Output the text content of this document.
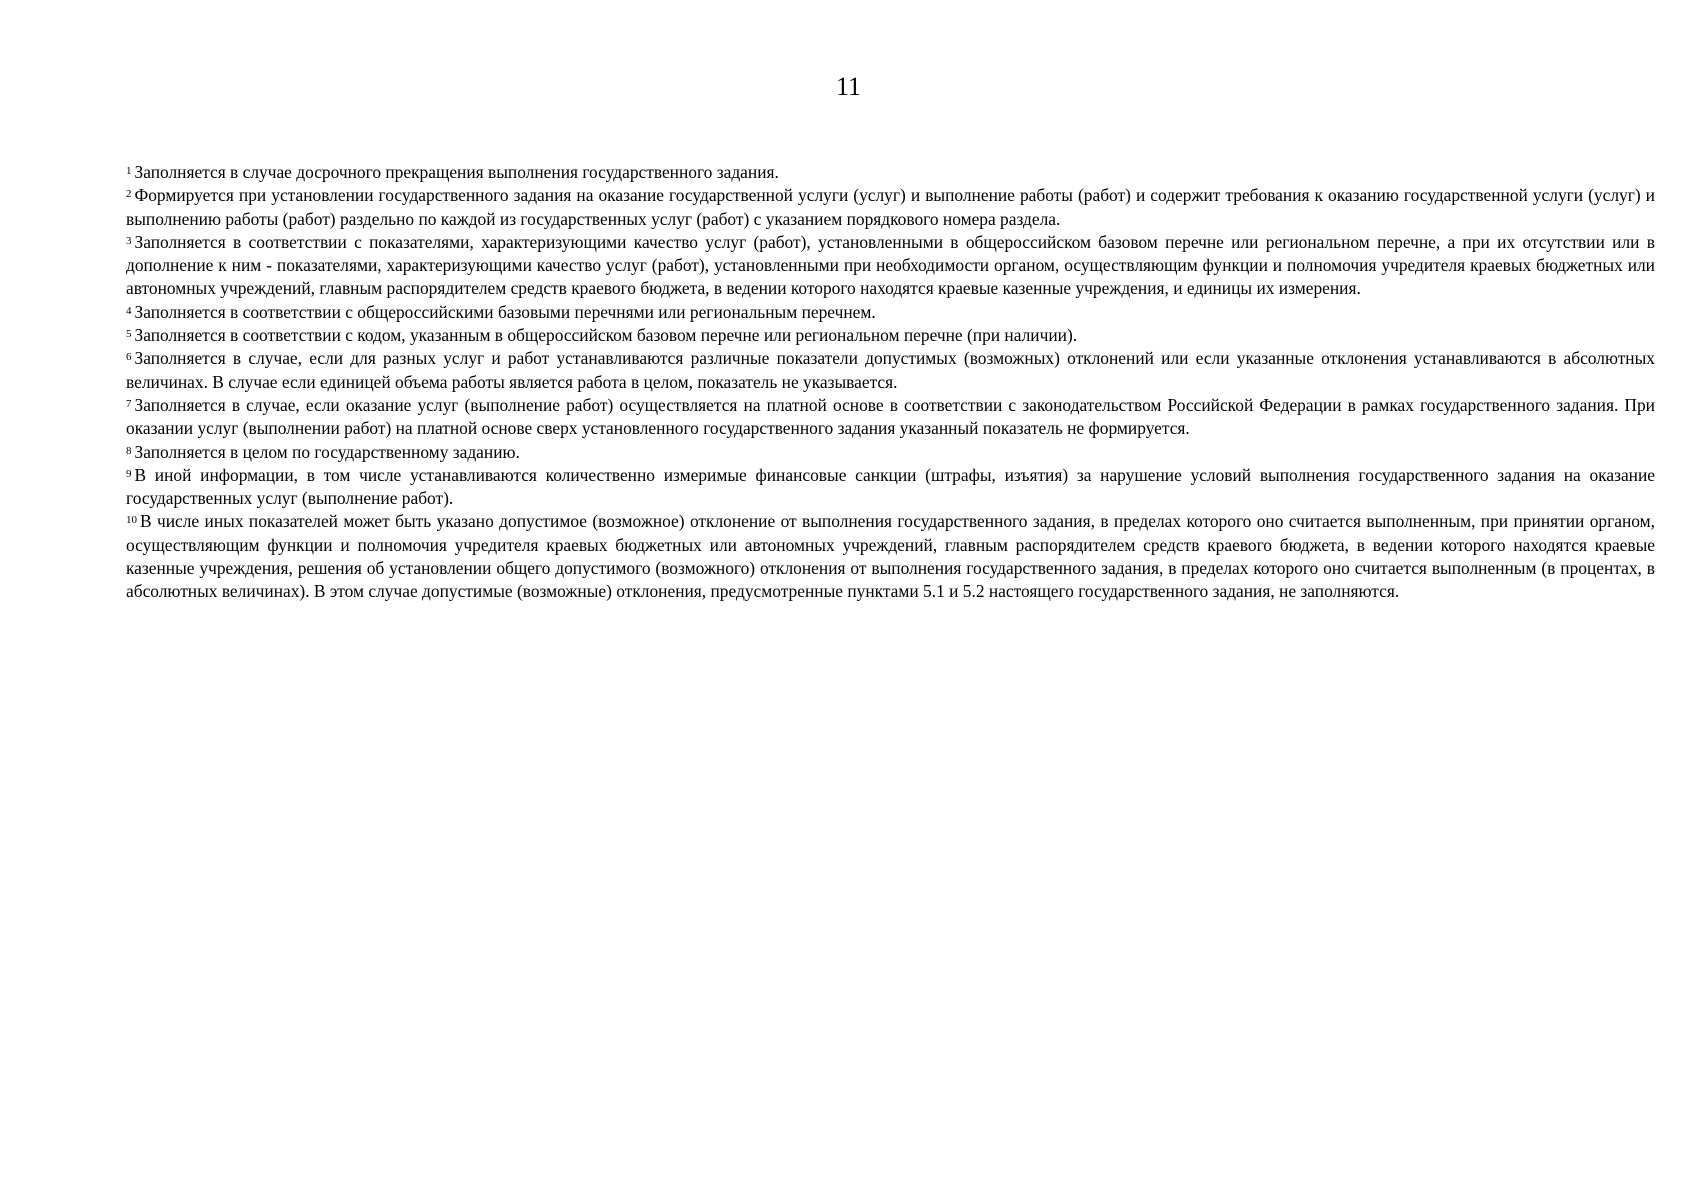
11

$^1$ Заполняется в случае досрочного прекращения выполнения государственного задания.

$^2$ Формируется при установлении государственного задания на оказание государственной услуги (услуг) и выполнение работы (работ) и содержит требования к оказанию государственной услуги (услуг) и выполнению работы (работ) раздельно по каждой из государственных услуг (работ) с указанием порядкового номера раздела.

$^3$ Заполняется в соответствии с показателями, характеризующими качество услуг (работ), установленными в общероссийском базовом перечне или региональном перечне, а при их отсутствии или в дополнение к ним - показателями, характеризующими качество услуг (работ), установленными при необходимости органом, осуществляющим функции и полномочия учредителя краевых бюджетных или автономных учреждений, главным распорядителем средств краевого бюджета, в ведении которого находятся краевые казенные учреждения, и единицы их измерения.

$^4$ Заполняется в соответствии с общероссийскими базовыми перечнями или региональным перечнем.

$^5$ Заполняется в соответствии с кодом, указанным в общероссийском базовом перечне или региональном перечне (при наличии).

$^6$ Заполняется в случае, если для разных услуг и работ устанавливаются различные показатели допустимых (возможных) отклонений или если указанные отклонения устанавливаются в абсолютных величинах. В случае если единицей объема работы является работа в целом, показатель не указывается.

$^7$ Заполняется в случае, если оказание услуг (выполнение работ) осуществляется на платной основе в соответствии с законодательством Российской Федерации в рамках государственного задания. При оказании услуг (выполнении работ) на платной основе сверх установленного государственного задания указанный показатель не формируется.

$^8$ Заполняется в целом по государственному заданию.

$^9$ В иной информации, в том числе устанавливаются количественно измеримые финансовые санкции (штрафы, изъятия) за нарушение условий выполнения государственного задания на оказание государственных услуг (выполнение работ).

$^{10}$ В числе иных показателей может быть указано допустимое (возможное) отклонение от выполнения государственного задания, в пределах которого оно считается выполненным, при принятии органом, осуществляющим функции и полномочия учредителя краевых бюджетных или автономных учреждений, главным распорядителем средств краевого бюджета, в ведении которого находятся краевые казенные учреждения, решения об установлении общего допустимого (возможного) отклонения от выполнения государственного задания, в пределах которого оно считается выполненным (в процентах, в абсолютных величинах). В этом случае допустимые (возможные) отклонения, предусмотренные пунктами 5.1 и 5.2 настоящего государственного задания, не заполняются.
